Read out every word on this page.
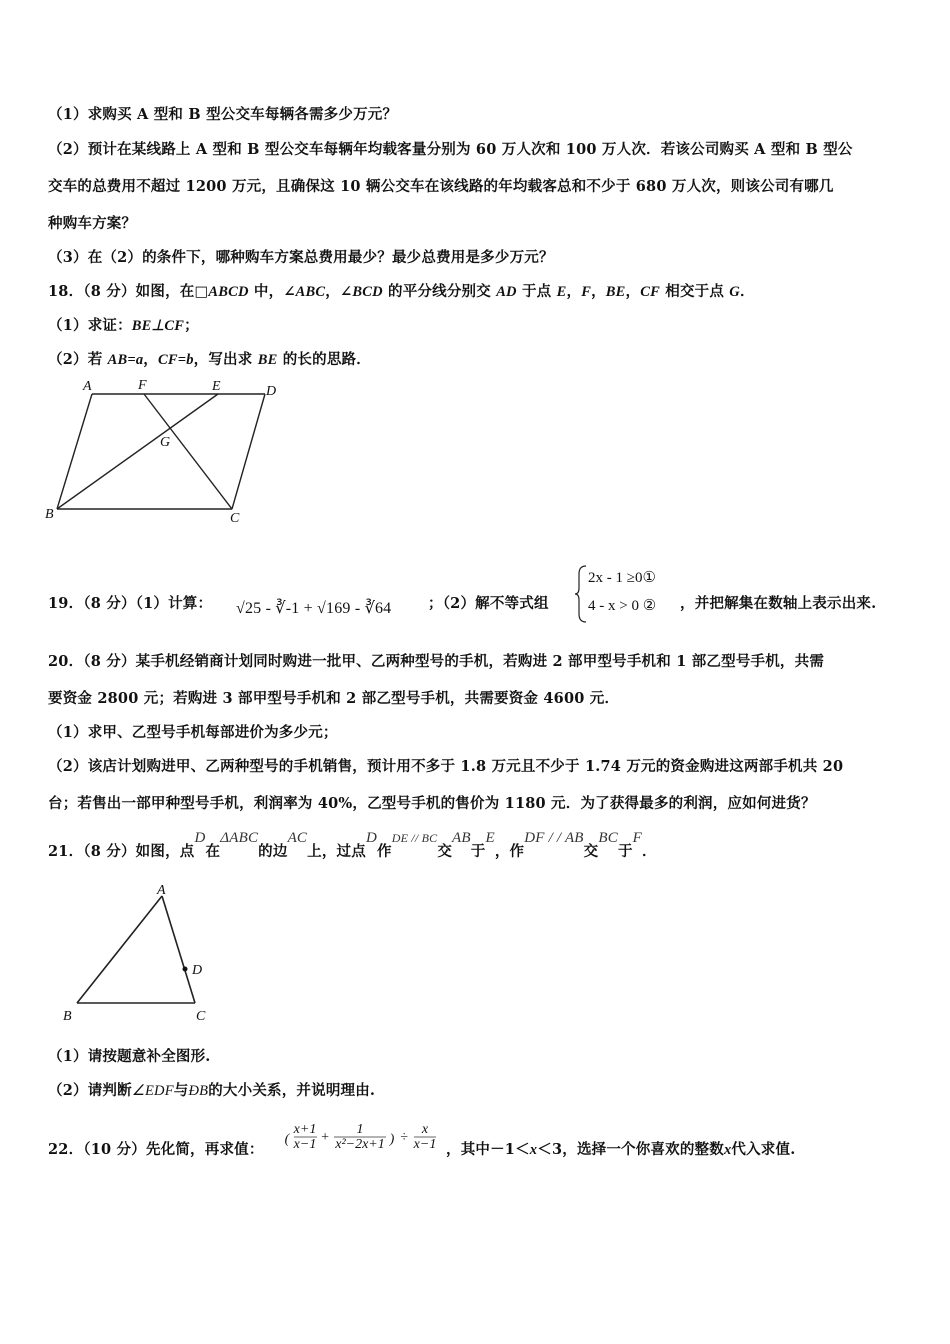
（1）求购买 A 型和 B 型公交车每辆各需多少万元？
（2）预计在某线路上 A 型和 B 型公交车每辆年均载客量分别为 60 万人次和 100 万人次．若该公司购买 A 型和 B 型公
交车的总费用不超过 1200 万元，且确保这 10 辆公交车在该线路的年均载客总和不少于 680 万人次，则该公司有哪几
种购车方案？
（3）在（2）的条件下，哪种购车方案总费用最少？最少总费用是多少万元？
18．（8 分）如图，在□ABCD 中，∠ABC，∠BCD 的平分线分别交 AD 于点 E，F，BE，CF 相交于点 G．
（1）求证：BE⊥CF；
（2）若 AB=a，CF=b，写出求 BE 的长的思路．
A	F	E	D
G
B	C
19．（8 分）（1）计算： √25 - ∛-1 + √169 - ∛64	；（2）解不等式组
2x - 1 ≥0①
4 - x > 0 ② ，并把解集在数轴上表示出来.
20．（8 分）某手机经销商计划同时购进一批甲、乙两种型号的手机，若购进 2 部甲型号手机和 1 部乙型号手机，共需
要资金 2800 元；若购进 3 部甲型号手机和 2 部乙型号手机，共需要资金 4600 元．
（1）求甲、乙型号手机每部进价为多少元；
（2）该店计划购进甲、乙两种型号的手机销售，预计用不多于 1.8 万元且不少于 1.74 万元的资金购进这两部手机共 20
台；若售出一部甲种型号手机，利润率为 40%，乙型号手机的售价为 1180 元．为了获得最多的利润，应如何进货？
21．（8 分）如图，点D在ΔABC的边AC上，过点D作$^{DE // BC}$交AB于E，作DF / / AB交BC于F．
A
D
B	C
（1）请按题意补全图形.
（2）请判断∠EDF与ÐB的大小关系，并说明理由.
22．（10 分）先化简，再求值：
(
x+1
x−1 +
1
x²−2x+1 ) ÷
x
x−1 ，其中－1＜x＜3，选择一个你喜欢的整数x代入求值.
